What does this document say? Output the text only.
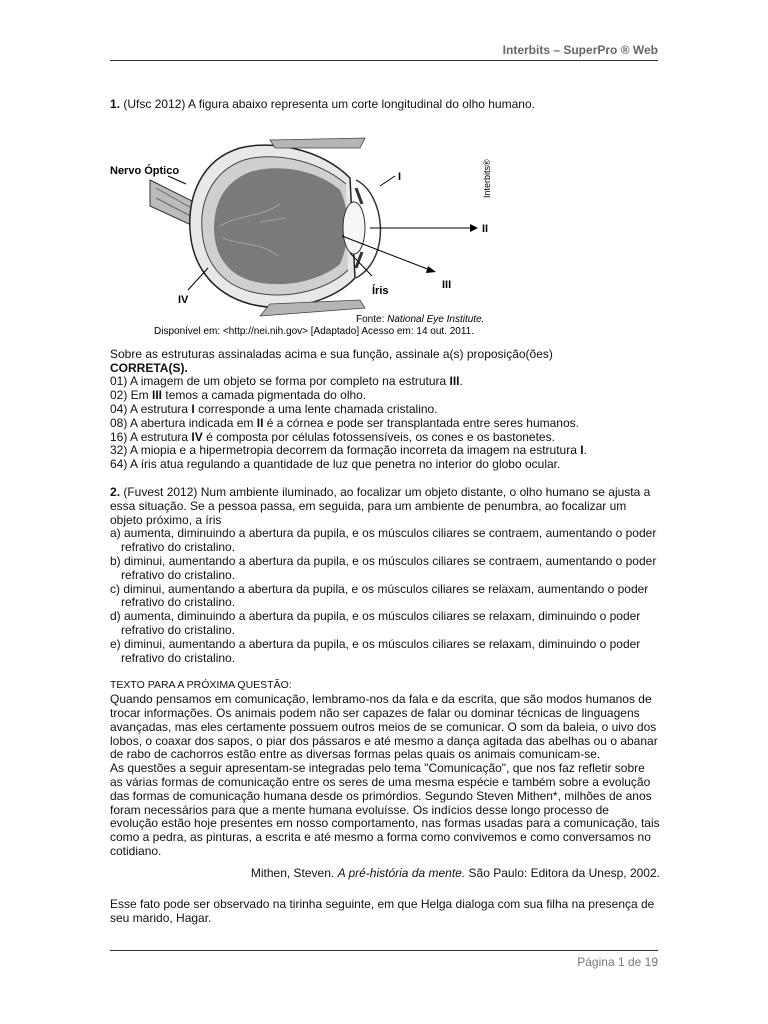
Interbits – SuperPro ® Web

1. (Ufsc 2012) A figura abaixo representa um corte longitudinal do olho humano.

Nervo Óptico	I
II
III
IV
Íris
Interbits®
Fonte: National Eye Institute.
Disponível em: <http://nei.nih.gov> [Adaptado] Acesso em: 14 out. 2011.

Sobre as estruturas assinaladas acima e sua função, assinale a(s) proposição(ões)

CORRETA(S).

01) A imagem de um objeto se forma por completo na estrutura III.

02) Em III temos a camada pigmentada do olho.

04) A estrutura I corresponde a uma lente chamada cristalino.

08) A abertura indicada em II é a córnea e pode ser transplantada entre seres humanos.

16) A estrutura IV é composta por células fotossensíveis, os cones e os bastonetes.

32) A miopia e a hipermetropia decorrem da formação incorreta da imagem na estrutura I.

64) A íris atua regulando a quantidade de luz que penetra no interior do globo ocular.

2. (Fuvest 2012) Num ambiente iluminado, ao focalizar um objeto distante, o olho humano se ajusta a essa situação. Se a pessoa passa, em seguida, para um ambiente de penumbra, ao focalizar um objeto próximo, a íris

a) aumenta, diminuindo a abertura da pupila, e os músculos ciliares se contraem, aumentando o poder refrativo do cristalino.

b) diminui, aumentando a abertura da pupila, e os músculos ciliares se contraem, aumentando o poder refrativo do cristalino.

c) diminui, aumentando a abertura da pupila, e os músculos ciliares se relaxam, aumentando o poder refrativo do cristalino.

d) aumenta, diminuindo a abertura da pupila, e os músculos ciliares se relaxam, diminuindo o poder refrativo do cristalino.

e) diminui, aumentando a abertura da pupila, e os músculos ciliares se relaxam, diminuindo o poder refrativo do cristalino.

TEXTO PARA A PRÓXIMA QUESTÃO:

Quando pensamos em comunicação, lembramo-nos da fala e da escrita, que são modos humanos de trocar informações. Os animais podem não ser capazes de falar ou dominar técnicas de linguagens avançadas, mas eles certamente possuem outros meios de se comunicar. O som da baleia, o uivo dos lobos, o coaxar dos sapos, o piar dos pássaros e até mesmo a dança agitada das abelhas ou o abanar de rabo de cachorros estão entre as diversas formas pelas quais os animais comunicam-se.

As questões a seguir apresentam-se integradas pelo tema "Comunicação", que nos faz refletir sobre as várias formas de comunicação entre os seres de uma mesma espécie e também sobre a evolução das formas de comunicação humana desde os primórdios. Segundo Steven Mithen*, milhões de anos foram necessários para que a mente humana evoluísse. Os indícios desse longo processo de evolução estão hoje presentes em nosso comportamento, nas formas usadas para a comunicação, tais como a pedra, as pinturas, a escrita e até mesmo a forma como convivemos e como conversamos no cotidiano.

Mithen, Steven. A pré-história da mente. São Paulo: Editora da Unesp, 2002.

Esse fato pode ser observado na tirinha seguinte, em que Helga dialoga com sua filha na presença de seu marido, Hagar.

Página 1 de 19
